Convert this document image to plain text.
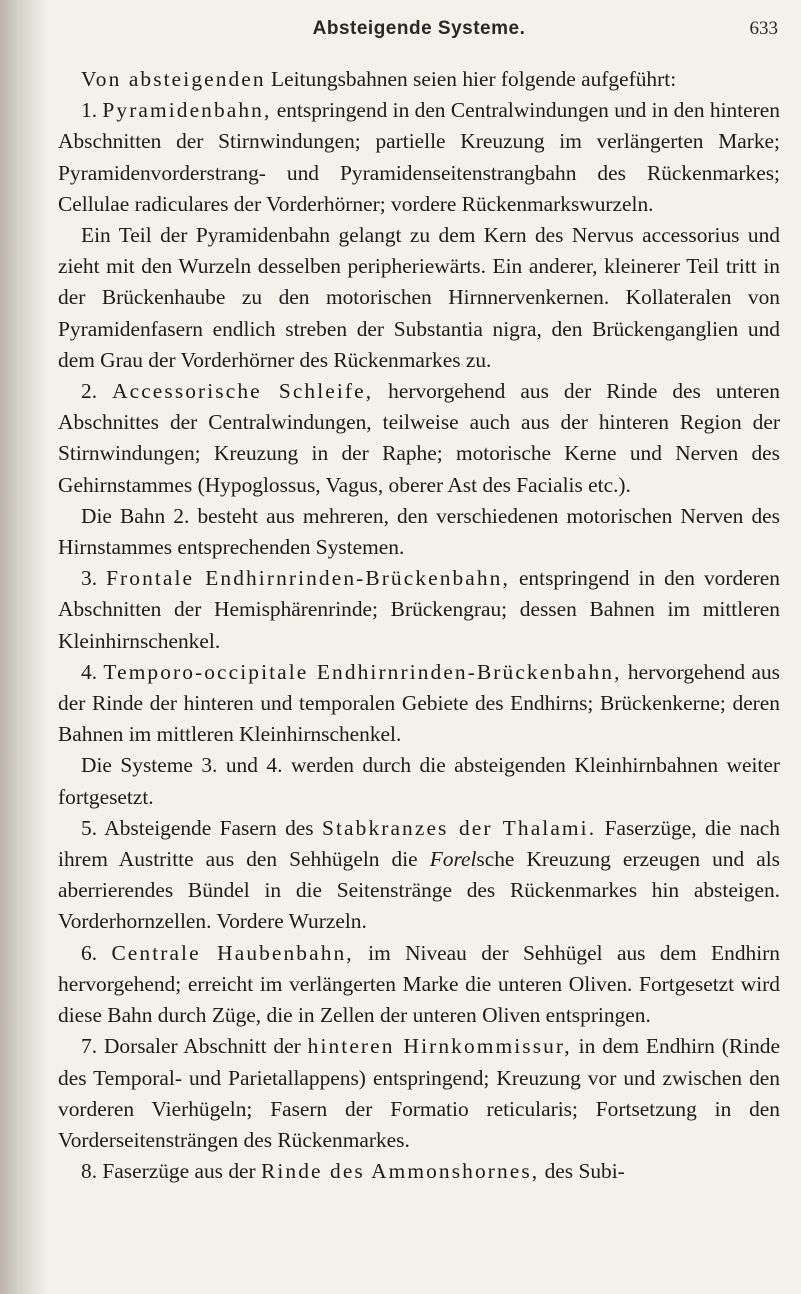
Absteigende Systeme.	633

Von absteigenden Leitungsbahnen seien hier folgende aufgeführt:

1. Pyramidenbahn, entspringend in den Centralwindungen und in den hinteren Abschnitten der Stirnwindungen; partielle Kreuzung im verlängerten Marke; Pyramidenvorderstrang- und Pyramidenseitenstrangbahn des Rückenmarkes; Cellulae radiculares der Vorderhörner; vordere Rückenmarkswurzeln.

Ein Teil der Pyramidenbahn gelangt zu dem Kern des Nervus accessorius und zieht mit den Wurzeln desselben peripheriewärts. Ein anderer, kleinerer Teil tritt in der Brückenhaube zu den motorischen Hirnnervenkernen. Kollateralen von Pyramidenfasern endlich streben der Substantia nigra, den Brückenganglien und dem Grau der Vorderhörner des Rückenmarkes zu.

2. Accessorische Schleife, hervorgehend aus der Rinde des unteren Abschnittes der Centralwindungen, teilweise auch aus der hinteren Region der Stirnwindungen; Kreuzung in der Raphe; motorische Kerne und Nerven des Gehirnstammes (Hypoglossus, Vagus, oberer Ast des Facialis etc.).

Die Bahn 2. besteht aus mehreren, den verschiedenen motorischen Nerven des Hirnstammes entsprechenden Systemen.

3. Frontale Endhirnrinden-Brückenbahn, entspringend in den vorderen Abschnitten der Hemisphärenrinde; Brückengrau; dessen Bahnen im mittleren Kleinhirnschenkel.

4. Temporo-occipitale Endhirnrinden-Brückenbahn, hervorgehend aus der Rinde der hinteren und temporalen Gebiete des Endhirns; Brückenkerne; deren Bahnen im mittleren Kleinhirnschenkel.

Die Systeme 3. und 4. werden durch die absteigenden Kleinhirnbahnen weiter fortgesetzt.

5. Absteigende Fasern des Stabkranzes der Thalami. Faserzüge, die nach ihrem Austritte aus den Sehhügeln die Forelsche Kreuzung erzeugen und als aberrierendes Bündel in die Seitenstränge des Rückenmarkes hin absteigen. Vorderhornzellen. Vordere Wurzeln.

6. Centrale Haubenbahn, im Niveau der Sehhügel aus dem Endhirn hervorgehend; erreicht im verlängerten Marke die unteren Oliven. Fortgesetzt wird diese Bahn durch Züge, die in Zellen der unteren Oliven entspringen.

7. Dorsaler Abschnitt der hinteren Hirnkommissur, in dem Endhirn (Rinde des Temporal- und Parietallappens) entspringend; Kreuzung vor und zwischen den vorderen Vierhügeln; Fasern der Formatio reticularis; Fortsetzung in den Vorderseitensträngen des Rückenmarkes.

8. Faserzüge aus der Rinde des Ammonshornes, des Subi-
